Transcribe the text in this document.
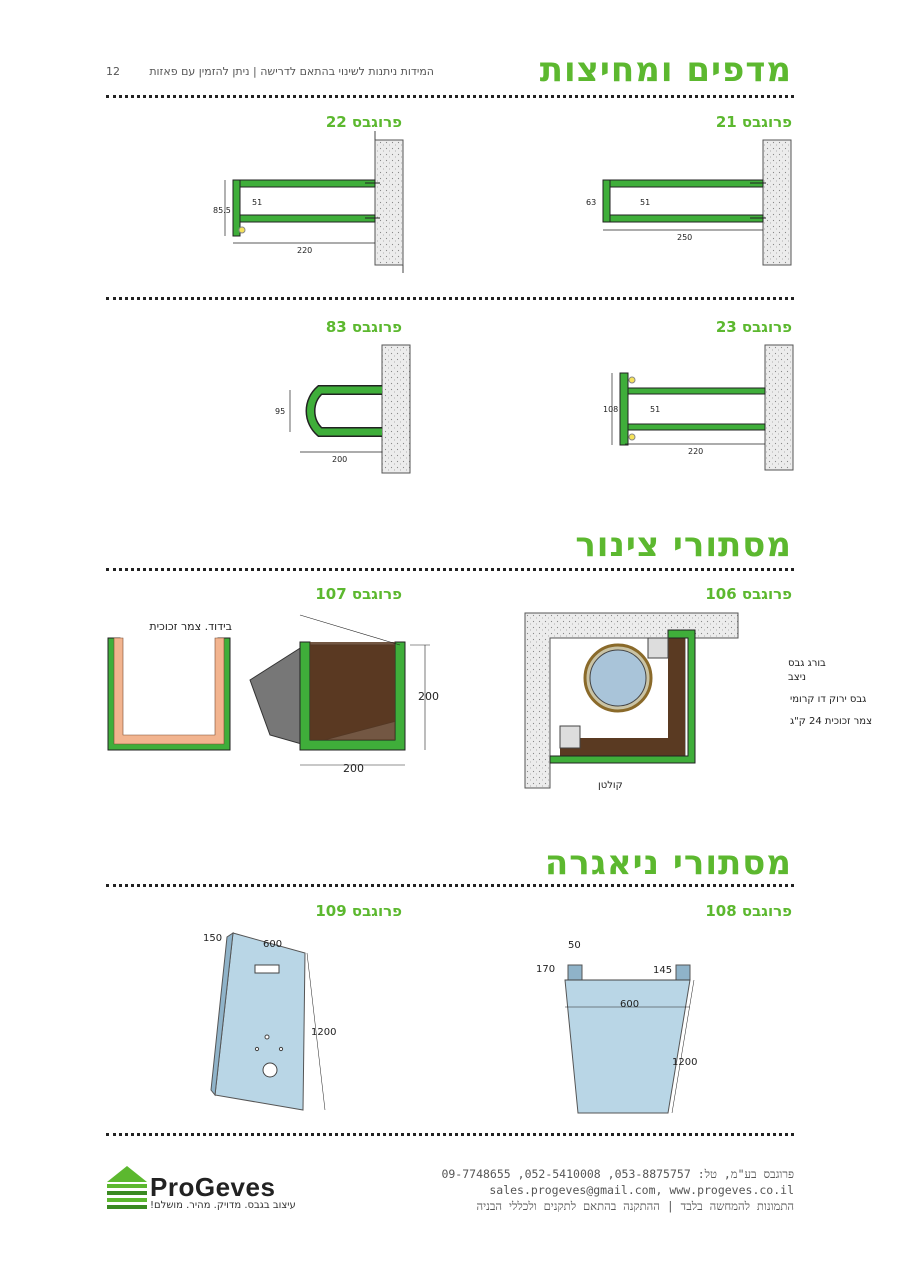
12	המידות ניתנות לשינוי בהתאם לדרישה | ניתן להזמין עם פאזות	מדפים ומחיצות
פרוגבס 22	פרוגבס 21
85.5
51
220
63	51
250
פרוגבס 83	פרוגבס 23
95
200
108	51
220
מסתורי צינור
פרוגבס 107	פרוגבס 106
בידוד. צמר זכוכית
200
200
בורג גבס
ניצב
גבס ירוק דו קרומי
צמר זכוכית 24 ק"ג
קולטן
מסתורי ניאגרה
פרוגבס 109	פרוגבס 108
150
600
1200
50
170	145
600
1200
ProGeves
עיצוב בגבס. מדויק. מהיר. מושלם!
פרוגבס בע"מ, טל: 053-8875757, 052-5410008, 09-7748655
sales.progeves@gmail.com, www.progeves.co.il
התמונות להמחשה בלבד | ההתקנה בהתאם לתקנים ולכללי הבניה
